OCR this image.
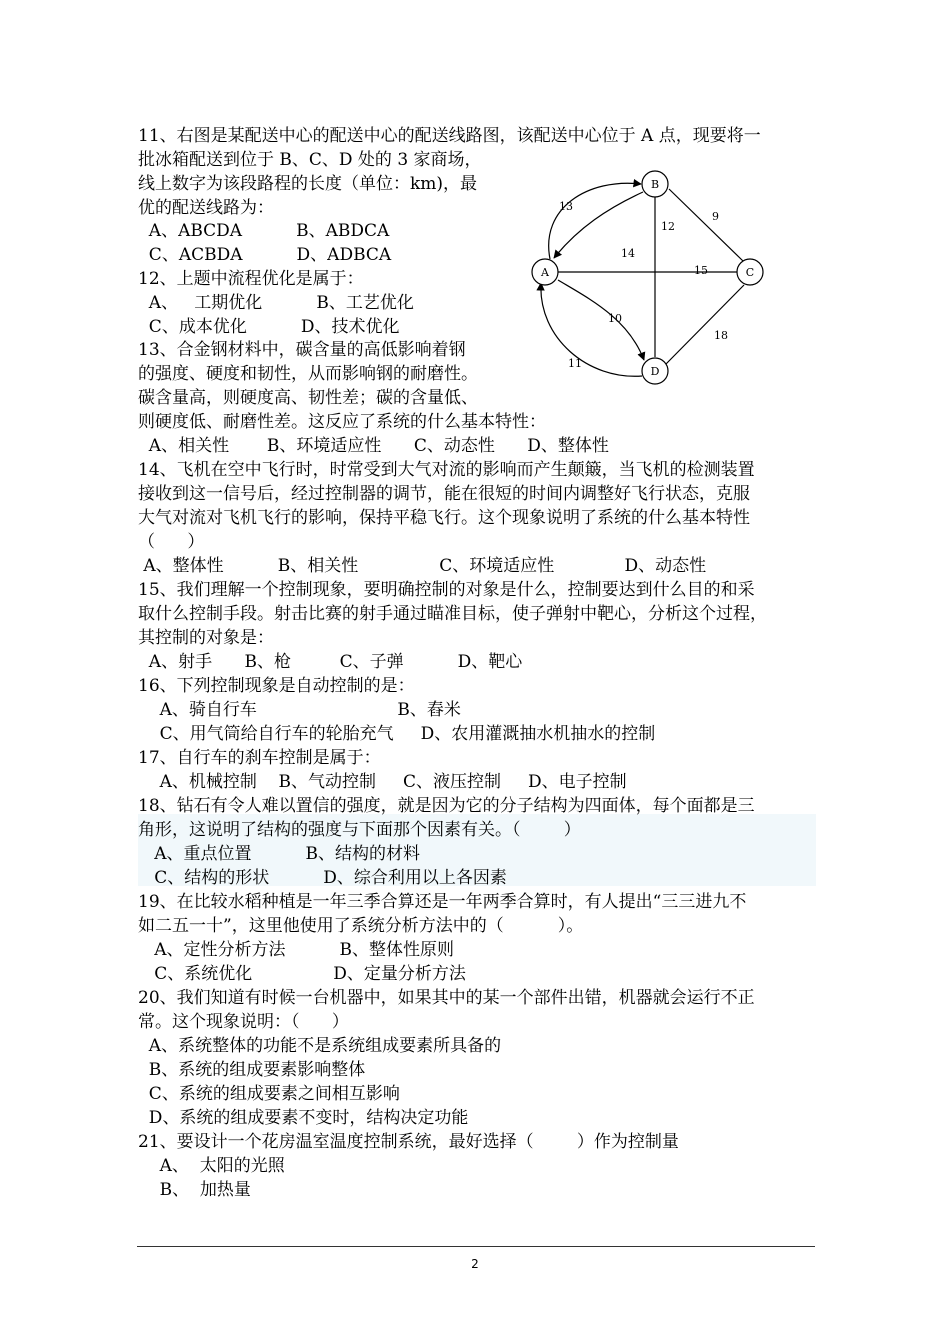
11、右图是某配送中心的配送中心的配送线路图，该配送中心位于 A 点，现要将一
批冰箱配送到位于 B、C、D 处的 3 家商场，
线上数字为该段路程的长度（单位：km)，最
优的配送线路为：
A、ABCDA          B、ABDCA
C、ACBDA          D、ADBCA
12、上题中流程优化是属于：
A、   工期优化          B、工艺优化
C、成本优化          D、技术优化
13、合金钢材料中，碳含量的高低影响着钢
的强度、硬度和韧性，从而影响钢的耐磨性。
碳含量高，则硬度高、韧性差；碳的含量低、
则硬度低、耐磨性差。这反应了系统的什么基本特性：
A、相关性       B、环境适应性      C、动态性      D、整体性
14、飞机在空中飞行时，时常受到大气对流的影响而产生颠簸，当飞机的检测装置
接收到这一信号后，经过控制器的调节，能在很短的时间内调整好飞行状态，克服
大气对流对飞机飞行的影响，保持平稳飞行。这个现象说明了系统的什么基本特性
（      ）
A、整体性          B、相关性               C、环境适应性             D、动态性
15、我们理解一个控制现象，要明确控制的对象是什么，控制要达到什么目的和采
取什么控制手段。射击比赛的射手通过瞄准目标，使子弹射中靶心，分析这个过程，
其控制的对象是：
A、射手      B、枪         C、子弹          D、靶心
16、下列控制现象是自动控制的是：
A、骑自行车                          B、舂米
C、用气筒给自行车的轮胎充气     D、农用灌溉抽水机抽水的控制
17、自行车的刹车控制是属于：
A、机械控制    B、气动控制     C、液压控制     D、电子控制
18、钻石有令人难以置信的强度，就是因为它的分子结构为四面体，每个面都是三
角形，这说明了结构的强度与下面那个因素有关。（        ）
A、重点位置          B、结构的材料
C、结构的形状          D、综合利用以上各因素
19、在比较水稻种植是一年三季合算还是一年两季合算时，有人提出“三三进九不
如二五一十”，这里他使用了系统分析方法中的（          ）。
A、定性分析方法          B、整体性原则
C、系统优化               D、定量分析方法
20、我们知道有时候一台机器中，如果其中的某一个部件出错，机器就会运行不正
常。这个现象说明：（      ）
A、系统整体的功能不是系统组成要素所具备的
B、系统的组成要素影响整体
C、系统的组成要素之间相互影响
D、系统的组成要素不变时，结构决定功能
21、要设计一个花房温室温度控制系统，最好选择（        ）作为控制量
A、  太阳的光照
B、  加热量
B
A	C
D
13
12
9
14
15
10
11
18
2
